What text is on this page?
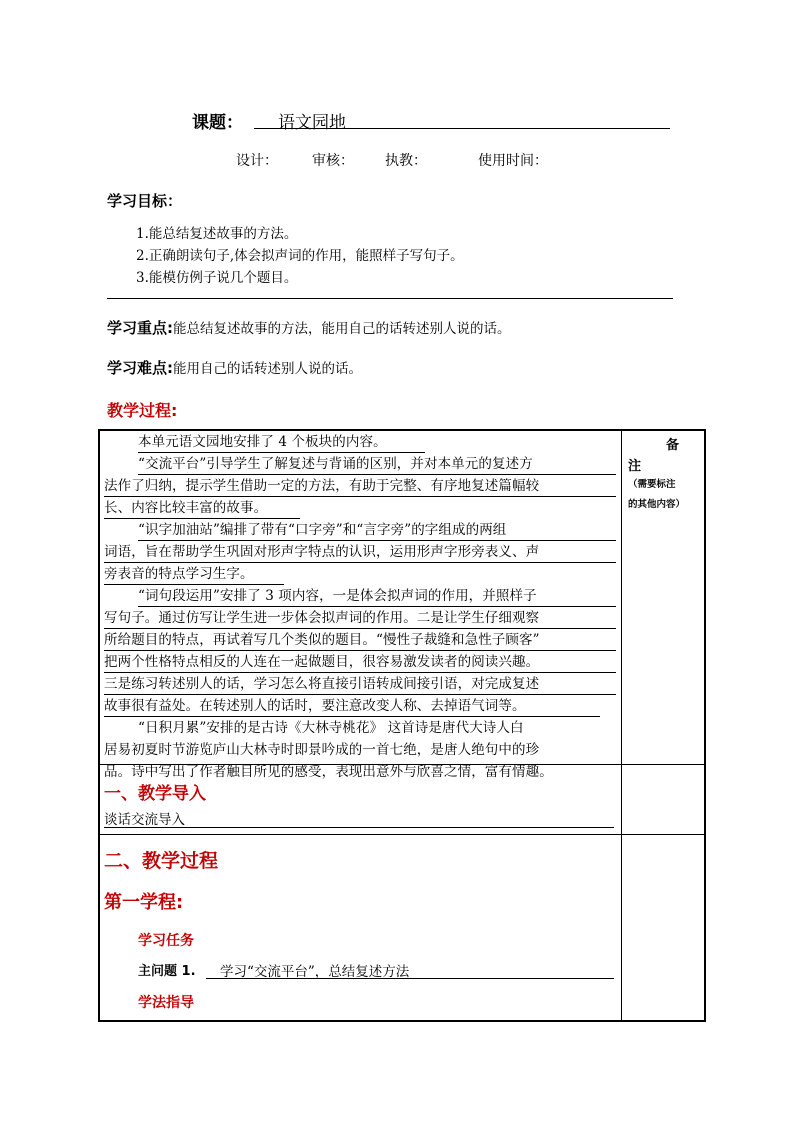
课题： 语文园地
设计： 审核： 执教：	使用时间：
学习目标：
1.能总结复述故事的方法。
2.正确朗读句子,体会拟声词的作用，能照样子写句子。
3.能模仿例子说几个题目。
学习重点:能总结复述故事的方法，能用自己的话转述别人说的话。
学习难点:能用自己的话转述别人说的话。
教学过程:
本单元语文园地安排了 4 个板块的内容。
“交流平台”引导学生了解复述与背诵的区别，并对本单元的复述方
法作了归纳，提示学生借助一定的方法，有助于完整、有序地复述篇幅较
长、内容比较丰富的故事。
“识字加油站”编排了带有“口字旁”和“言字旁”的字组成的两组
词语，旨在帮助学生巩固对形声字特点的认识，运用形声字形旁表义、声
旁表音的特点学习生字。
“词句段运用”安排了 3 项内容，一是体会拟声词的作用，并照样子
写句子。通过仿写让学生进一步体会拟声词的作用。二是让学生仔细观察
所给题目的特点，再试着写几个类似的题目。“慢性子裁缝和急性子顾客”
把两个性格特点相反的人连在一起做题目，很容易激发读者的阅读兴趣。
三是练习转述别人的话，学习怎么将直接引语转成间接引语，对完成复述
故事很有益处。在转述别人的话时，要注意改变人称、去掉语气词等。
“日积月累”安排的是古诗《大林寺桃花》 这首诗是唐代大诗人白
居易初夏时节游览庐山大林寺时即景吟成的一首七绝，是唐人绝句中的珍
品。诗中写出了作者触目所见的感受，表现出意外与欣喜之情，富有情趣。
备
注
（需要标注
的其他内容）
一、教学导入
谈话交流导入
二、教学过程
第一学程:
学习任务
主问题 1. 学习“交流平台”，总结复述方法
学法指导
